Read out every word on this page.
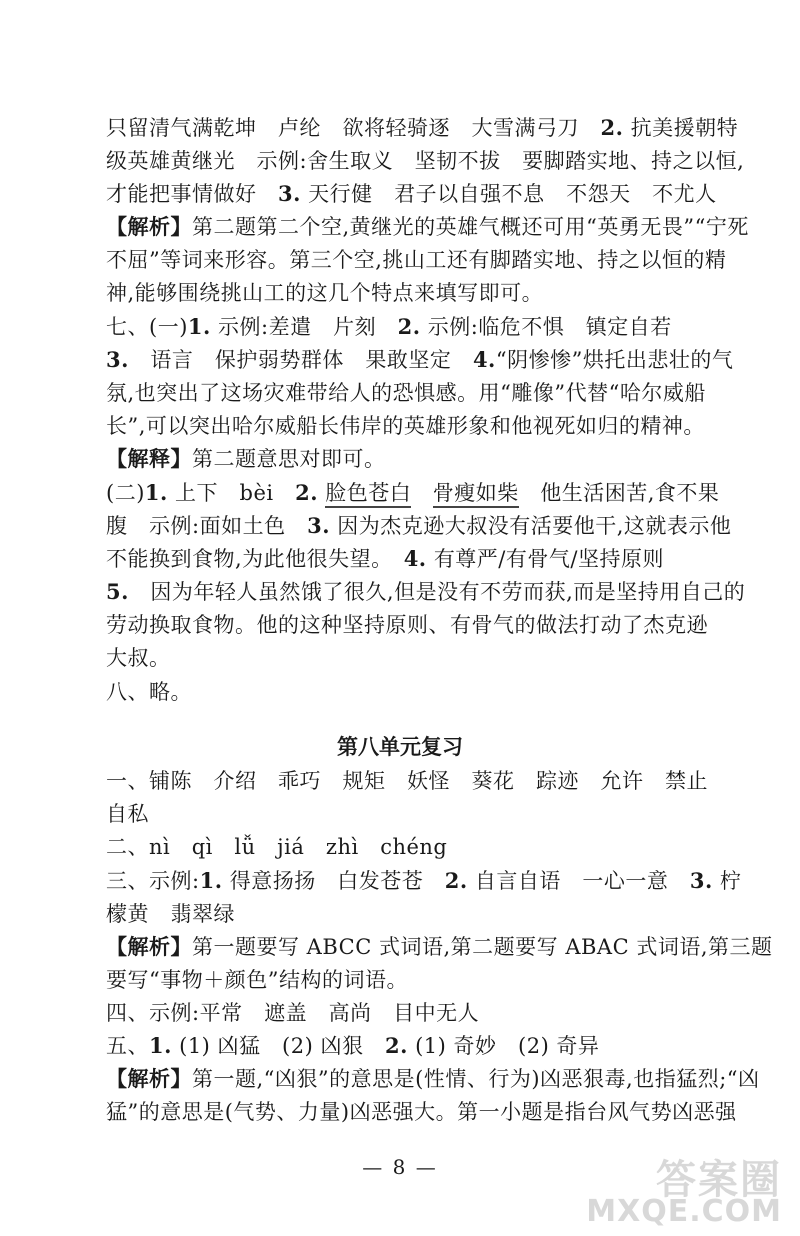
只留清气满乾坤　卢纶　欲将轻骑逐　大雪满弓刀　2. 抗美援朝特
级英雄黄继光　示例:舍生取义　坚韧不拔　要脚踏实地、持之以恒,
才能把事情做好　3. 天行健　君子以自强不息　不怨天　不尤人
【解析】第二题第二个空,黄继光的英雄气概还可用“英勇无畏”“宁死
不屈”等词来形容。第三个空,挑山工还有脚踏实地、持之以恒的精
神,能够围绕挑山工的这几个特点来填写即可。
七、(一)1. 示例:差遣　片刻　2. 示例:临危不惧　镇定自若
3.　语言　保护弱势群体　果敢坚定　4.“阴惨惨”烘托出悲壮的气
氛,也突出了这场灾难带给人的恐惧感。用“雕像”代替“哈尔威船
长”,可以突出哈尔威船长伟岸的英雄形象和他视死如归的精神。
【解释】第二题意思对即可。
(二)1. 上下　bèi　2. 脸色苍白　 骨瘦如柴　他生活困苦,食不果
腹　示例:面如土色　3. 因为杰克逊大叔没有活要他干,这就表示他
不能换到食物,为此他很失望。　4. 有尊严/有骨气/坚持原则
5.　因为年轻人虽然饿了很久,但是没有不劳而获,而是坚持用自己的
劳动换取食物。他的这种坚持原则、有骨气的做法打动了杰克逊
大叔。
八、略。
第八单元复习
一、铺陈　介绍　乖巧　规矩　妖怪　葵花　踪迹　允许　禁止
自私
二、nì　qì　lǚ　jiá　zhì　chéng
三、示例:1. 得意扬扬　白发苍苍　2. 自言自语　一心一意　3. 柠
檬黄　翡翠绿
【解析】第一题要写 ABCC 式词语,第二题要写 ABAC 式词语,第三题
要写“事物＋颜色”结构的词语。
四、示例:平常　遮盖　高尚　目中无人
五、1. (1) 凶猛　(2) 凶狠　2. (1) 奇妙　(2) 奇异
【解析】第一题,“凶狠”的意思是(性情、行为)凶恶狠毒,也指猛烈;“凶
猛”的意思是(气势、力量)凶恶强大。第一小题是指台风气势凶恶强
— 8 —	答案圈
MXQE.COM
